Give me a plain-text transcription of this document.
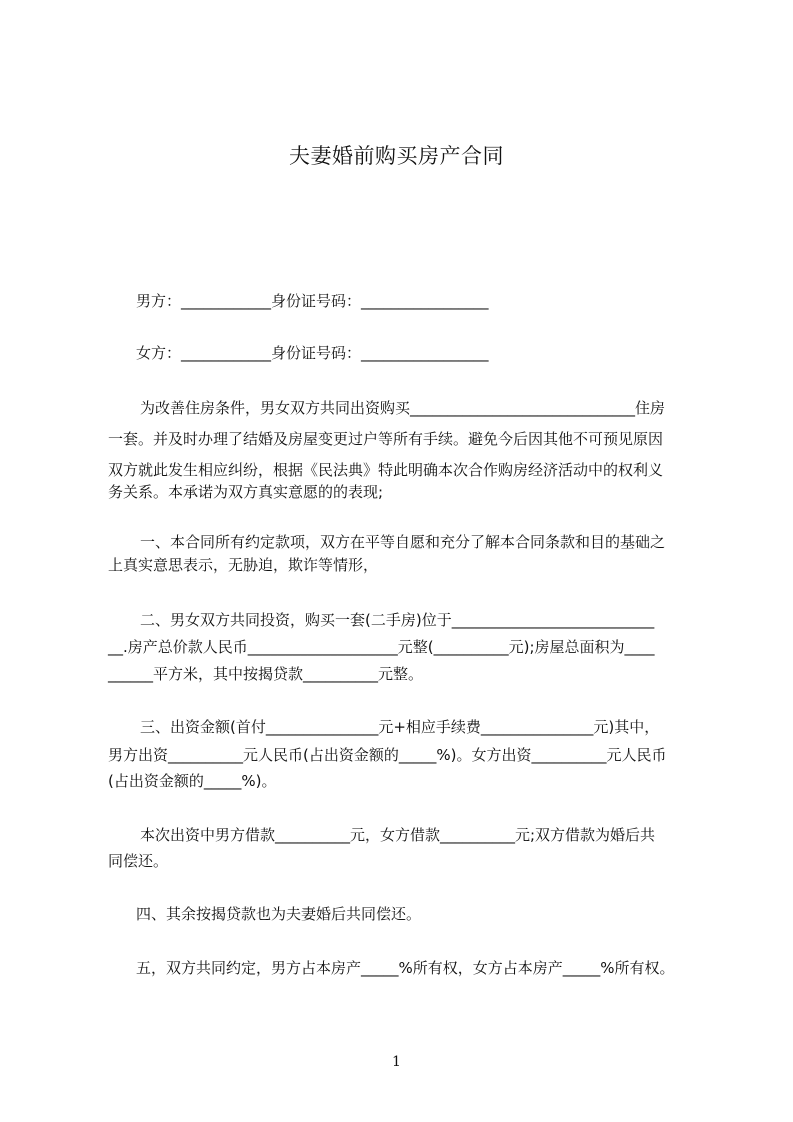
夫妻婚前购买房产合同
男方：____________身份证号码：_________________
女方：____________身份证号码：_________________
为改善住房条件，男女双方共同出资购买______________________________住房
一套。并及时办理了结婚及房屋变更过户等所有手续。避免今后因其他不可预见原因
双方就此发生相应纠纷，根据《民法典》特此明确本次合作购房经济活动中的权利义
务关系。本承诺为双方真实意愿的的表现;
一、本合同所有约定款项，双方在平等自愿和充分了解本合同条款和目的基础之
上真实意思表示，无胁迫，欺诈等情形，
二、男女双方共同投资，购买一套(二手房)位于___________________________
__.房产总价款人民币____________________元整(__________元);房屋总面积为____
______平方米，其中按揭贷款__________元整。
三、出资金额(首付_______________元+相应手续费_______________元)其中，
男方出资__________元人民币(占出资金额的_____%)。女方出资__________元人民币
(占出资金额的_____%)。
本次出资中男方借款__________元，女方借款__________元;双方借款为婚后共
同偿还。
四、其余按揭贷款也为夫妻婚后共同偿还。
五，双方共同约定，男方占本房产_____%所有权，女方占本房产_____%所有权。
1
